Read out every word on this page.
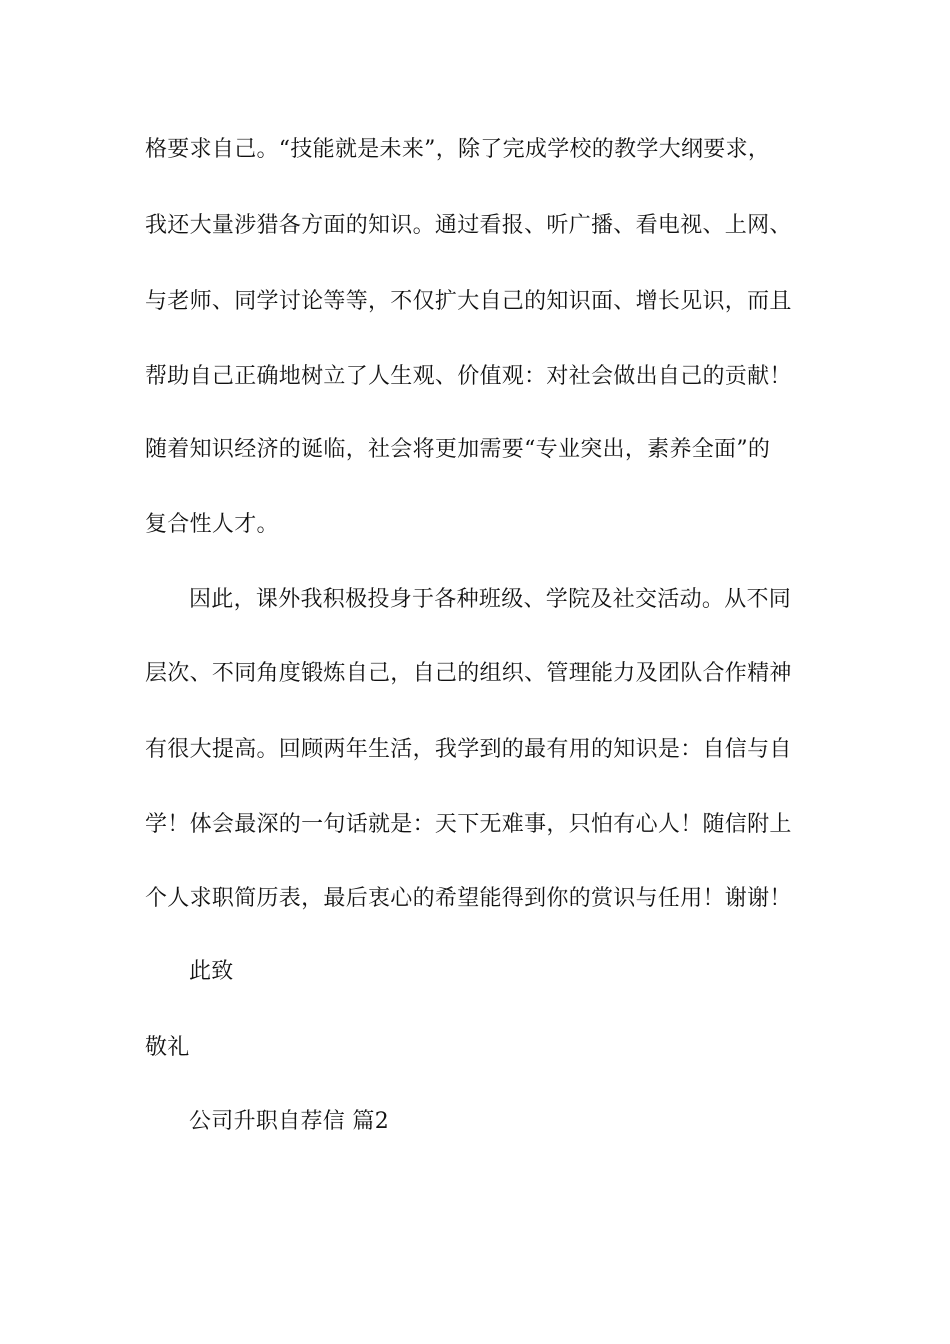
格要求自己。“技能就是未来”，除了完成学校的教学大纲要求，
我还大量涉猎各方面的知识。通过看报、听广播、看电视、上网、
与老师、同学讨论等等，不仅扩大自己的知识面、增长见识，而且
帮助自己正确地树立了人生观、价值观：对社会做出自己的贡献！
随着知识经济的诞临，社会将更加需要“专业突出，素养全面”的
复合性人才。
因此，课外我积极投身于各种班级、学院及社交活动。从不同
层次、不同角度锻炼自己，自己的组织、管理能力及团队合作精神
有很大提高。回顾两年生活，我学到的最有用的知识是：自信与自
学！体会最深的一句话就是：天下无难事，只怕有心人！随信附上
个人求职简历表，最后衷心的希望能得到你的赏识与任用！谢谢！
此致
敬礼
公司升职自荐信 篇2
